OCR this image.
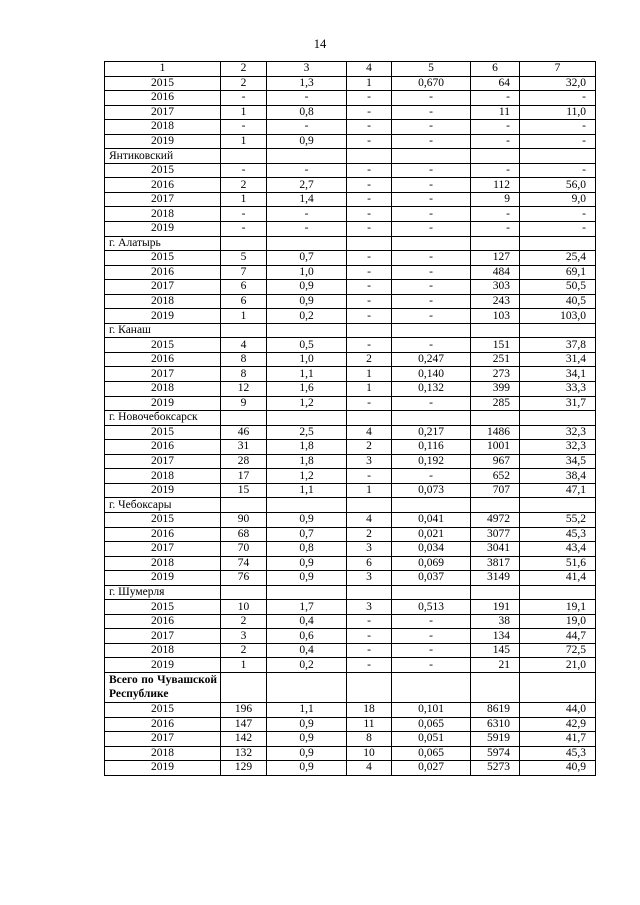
14
1	2	3	4	5	6	7
2015	2	1,3	1	0,670	64	32,0
2016	-	-	-	-	-	-
2017	1	0,8	-	-	11	11,0
2018	-	-	-	-	-	-
2019	1	0,9	-	-	-	-
Янтиковский						
2015	-	-	-	-	-	-
2016	2	2,7	-	-	112	56,0
2017	1	1,4	-	-	9	9,0
2018	-	-	-	-	-	-
2019	-	-	-	-	-	-
г. Алатырь						
2015	5	0,7	-	-	127	25,4
2016	7	1,0	-	-	484	69,1
2017	6	0,9	-	-	303	50,5
2018	6	0,9	-	-	243	40,5
2019	1	0,2	-	-	103	103,0
г. Канаш						
2015	4	0,5	-	-	151	37,8
2016	8	1,0	2	0,247	251	31,4
2017	8	1,1	1	0,140	273	34,1
2018	12	1,6	1	0,132	399	33,3
2019	9	1,2	-	-	285	31,7
г. Новочебоксарск						
2015	46	2,5	4	0,217	1486	32,3
2016	31	1,8	2	0,116	1001	32,3
2017	28	1,8	3	0,192	967	34,5
2018	17	1,2	-	-	652	38,4
2019	15	1,1	1	0,073	707	47,1
г. Чебоксары						
2015	90	0,9	4	0,041	4972	55,2
2016	68	0,7	2	0,021	3077	45,3
2017	70	0,8	3	0,034	3041	43,4
2018	74	0,9	6	0,069	3817	51,6
2019	76	0,9	3	0,037	3149	41,4
г. Шумерля						
2015	10	1,7	3	0,513	191	19,1
2016	2	0,4	-	-	38	19,0
2017	3	0,6	-	-	134	44,7
2018	2	0,4	-	-	145	72,5
2019	1	0,2	-	-	21	21,0
Всего по Чувашской Республике						
2015	196	1,1	18	0,101	8619	44,0
2016	147	0,9	11	0,065	6310	42,9
2017	142	0,9	8	0,051	5919	41,7
2018	132	0,9	10	0,065	5974	45,3
2019	129	0,9	4	0,027	5273	40,9
